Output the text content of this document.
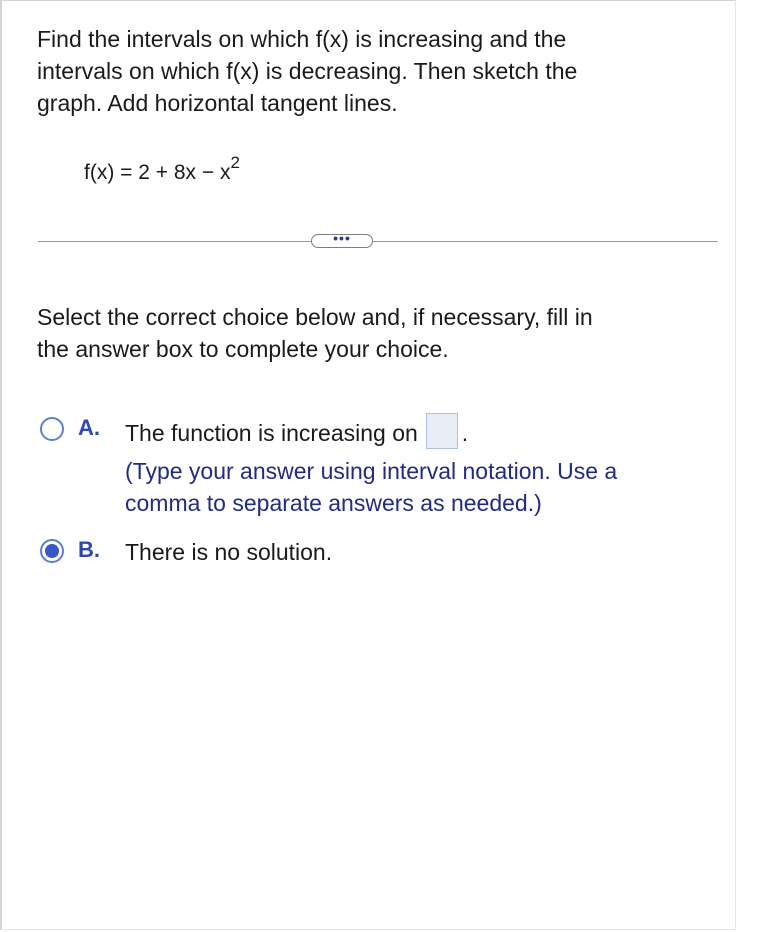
Find the intervals on which f(x) is increasing and the
intervals on which f(x) is decreasing. Then sketch the
graph. Add horizontal tangent lines.
$f(x) = 2 + 8x - x^2$
•••
Select the correct choice below and, if necessary, fill in
the answer box to complete your choice.
A. The function is increasing on .
(Type your answer using interval notation. Use a
comma to separate answers as needed.)
B. There is no solution.
